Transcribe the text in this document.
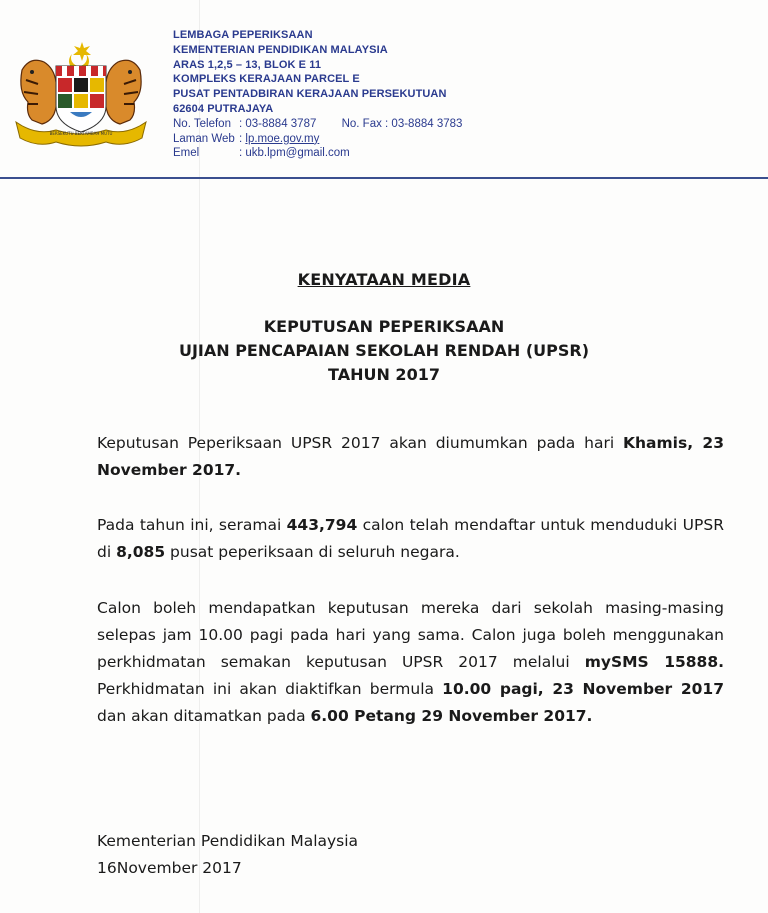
BERSEKUTU BERTAMBAH MUTU
LEMBAGA PEPERIKSAAN
KEMENTERIAN PENDIDIKAN MALAYSIA
ARAS 1,2,5 – 13, BLOK E 11
KOMPLEKS KERAJAAN PARCEL E
PUSAT PENTADBIRAN KERAJAAN PERSEKUTUAN
62604 PUTRAJAYA
No. Telefon : 03-8884 3787 No. Fax : 03-8884 3783
Laman Web : lp.moe.gov.my
Emel	: ukb.lpm@gmail.com
KENYATAAN MEDIA
KEPUTUSAN PEPERIKSAAN
UJIAN PENCAPAIAN SEKOLAH RENDAH (UPSR)
TAHUN 2017
Keputusan Peperiksaan UPSR 2017 akan diumumkan pada hari Khamis, 23 November 2017.
Pada tahun ini, seramai 443,794 calon telah mendaftar untuk menduduki UPSR di 8,085 pusat peperiksaan di seluruh negara.
Calon boleh mendapatkan keputusan mereka dari sekolah masing-masing selepas jam 10.00 pagi pada hari yang sama. Calon juga boleh menggunakan perkhidmatan semakan keputusan UPSR 2017 melalui mySMS 15888. Perkhidmatan ini akan diaktifkan bermula 10.00 pagi, 23 November 2017 dan akan ditamatkan pada 6.00 Petang 29 November 2017.
Kementerian Pendidikan Malaysia
16November 2017
